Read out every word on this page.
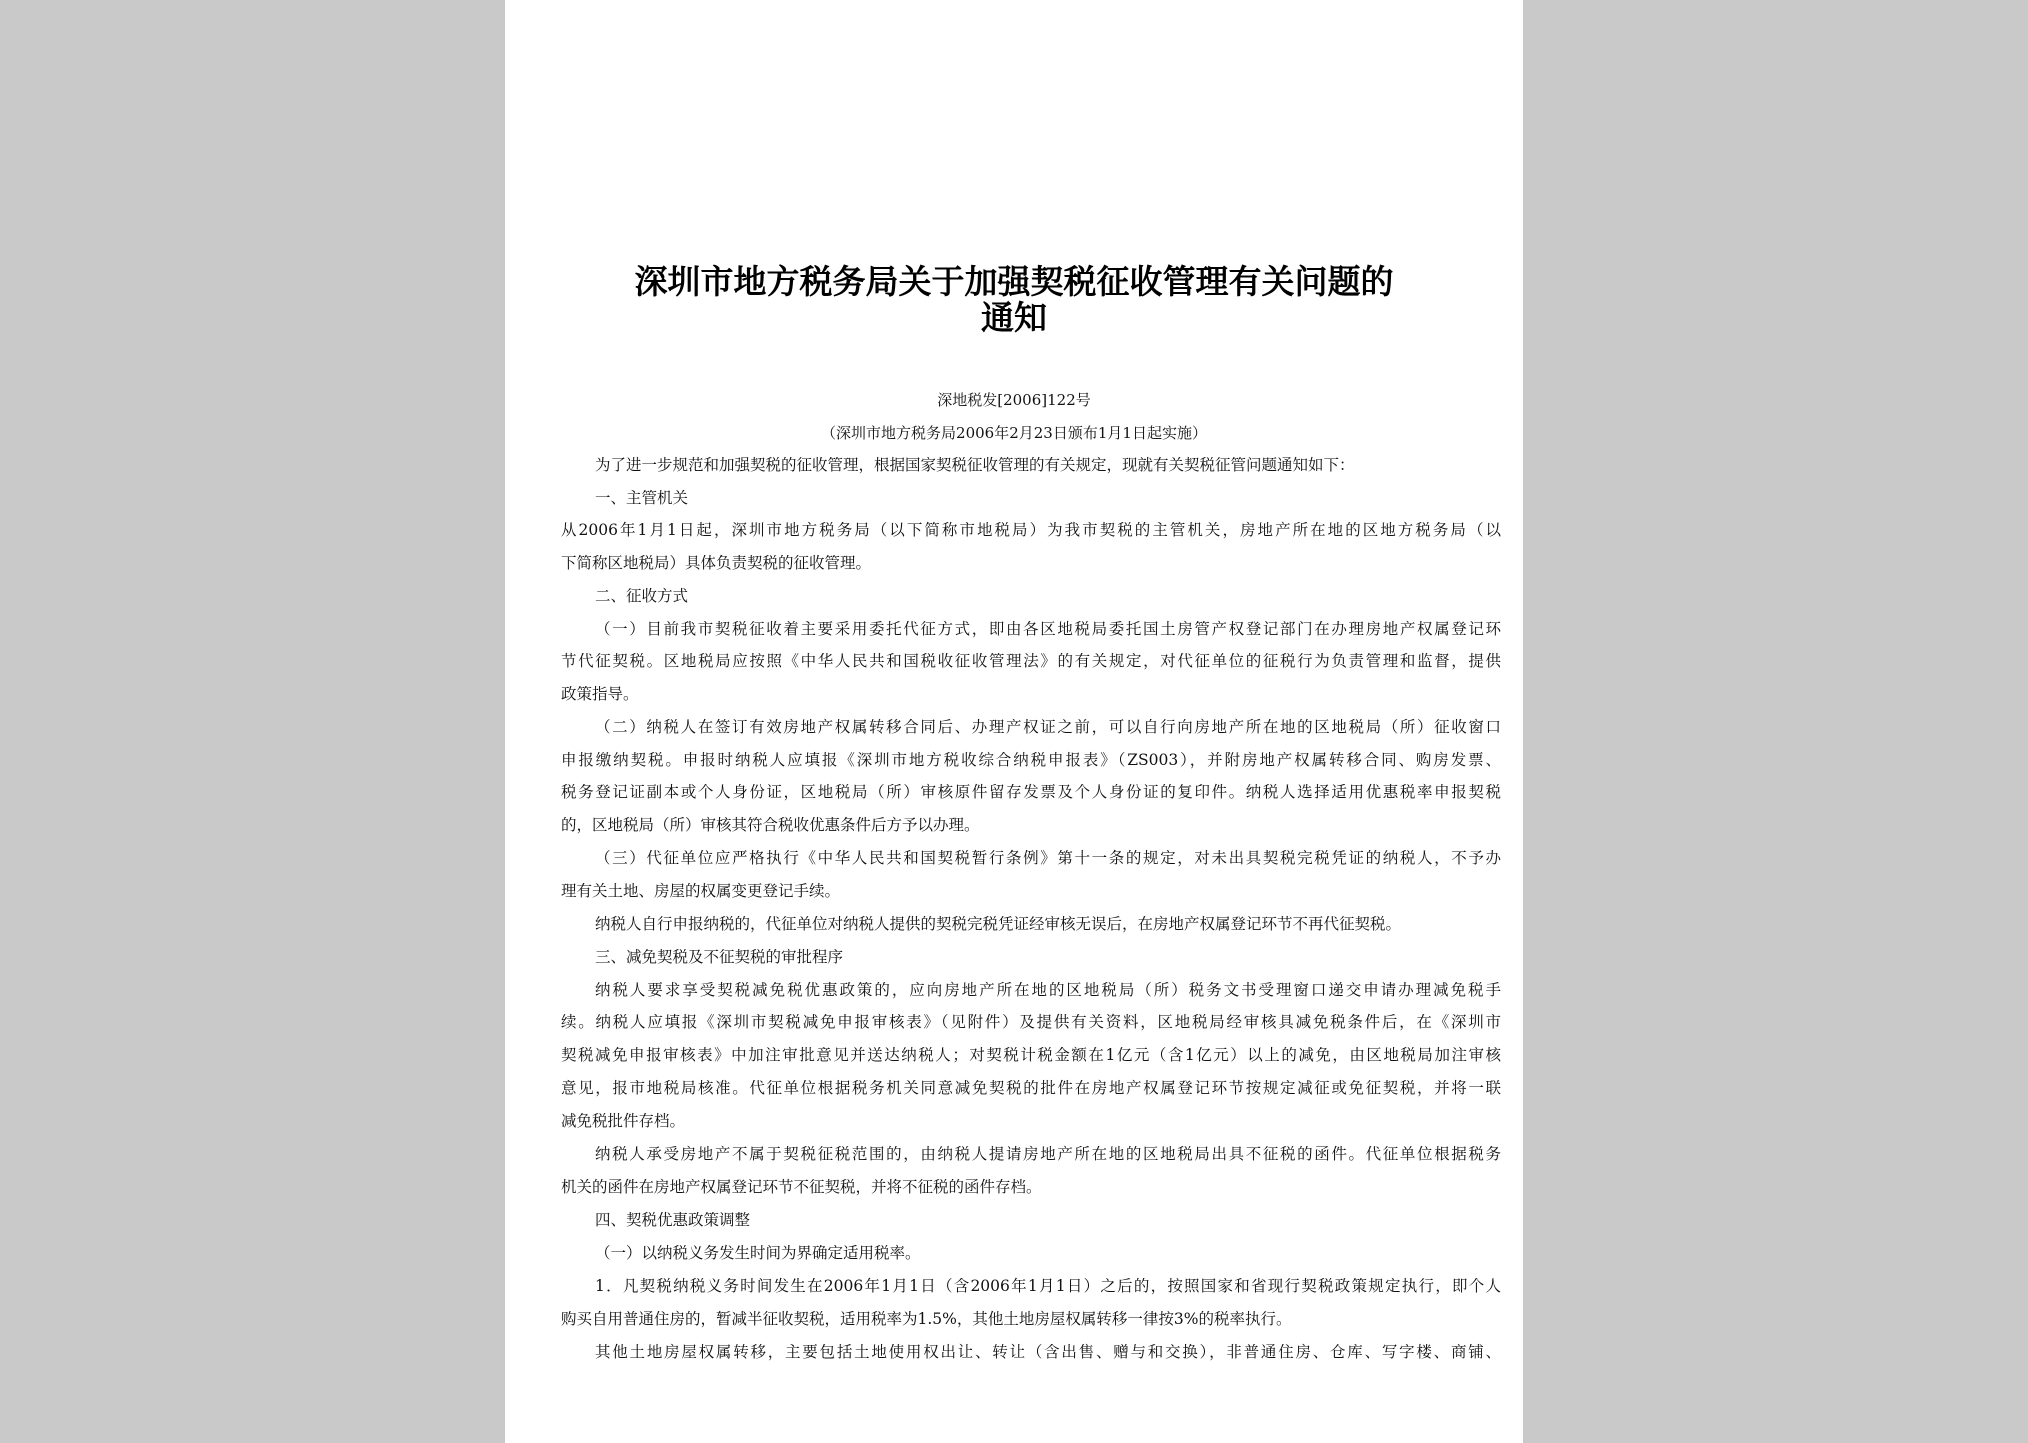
深圳市地方税务局关于加强契税征收管理有关问题的
通知

深地税发[2006]122号

（深圳市地方税务局2006年2月23日颁布1月1日起实施）

为了进一步规范和加强契税的征收管理，根据国家契税征收管理的有关规定，现就有关契税征管问题通知如下：

一、主管机关

从2006年1月1日起，深圳市地方税务局（以下简称市地税局）为我市契税的主管机关，房地产所在地的区地方税务局（以

下简称区地税局）具体负责契税的征收管理。

二、征收方式

（一）目前我市契税征收着主要采用委托代征方式，即由各区地税局委托国土房管产权登记部门在办理房地产权属登记环

节代征契税。区地税局应按照《中华人民共和国税收征收管理法》的有关规定，对代征单位的征税行为负责管理和监督，提供

政策指导。

（二）纳税人在签订有效房地产权属转移合同后、办理产权证之前，可以自行向房地产所在地的区地税局（所）征收窗口

申报缴纳契税。申报时纳税人应填报《深圳市地方税收综合纳税申报表》（ZS003），并附房地产权属转移合同、购房发票、

税务登记证副本或个人身份证，区地税局（所）审核原件留存发票及个人身份证的复印件。纳税人选择适用优惠税率申报契税

的，区地税局（所）审核其符合税收优惠条件后方予以办理。

（三）代征单位应严格执行《中华人民共和国契税暂行条例》第十一条的规定，对未出具契税完税凭证的纳税人，不予办

理有关土地、房屋的权属变更登记手续。

纳税人自行申报纳税的，代征单位对纳税人提供的契税完税凭证经审核无误后，在房地产权属登记环节不再代征契税。

三、减免契税及不征契税的审批程序

纳税人要求享受契税减免税优惠政策的，应向房地产所在地的区地税局（所）税务文书受理窗口递交申请办理减免税手

续。纳税人应填报《深圳市契税减免申报审核表》（见附件）及提供有关资料，区地税局经审核具减免税条件后，在《深圳市

契税减免申报审核表》中加注审批意见并送达纳税人；对契税计税金额在1亿元（含1亿元）以上的减免，由区地税局加注审核

意见，报市地税局核准。代征单位根据税务机关同意减免契税的批件在房地产权属登记环节按规定减征或免征契税，并将一联

减免税批件存档。

纳税人承受房地产不属于契税征税范围的，由纳税人提请房地产所在地的区地税局出具不征税的函件。代征单位根据税务

机关的函件在房地产权属登记环节不征契税，并将不征税的函件存档。

四、契税优惠政策调整

（一）以纳税义务发生时间为界确定适用税率。

1．凡契税纳税义务时间发生在2006年1月1日（含2006年1月1日）之后的，按照国家和省现行契税政策规定执行，即个人

购买自用普通住房的，暂减半征收契税，适用税率为1.5%，其他土地房屋权属转移一律按3%的税率执行。

其他土地房屋权属转移，主要包括土地使用权出让、转让（含出售、赠与和交换），非普通住房、仓库、写字楼、商铺、
